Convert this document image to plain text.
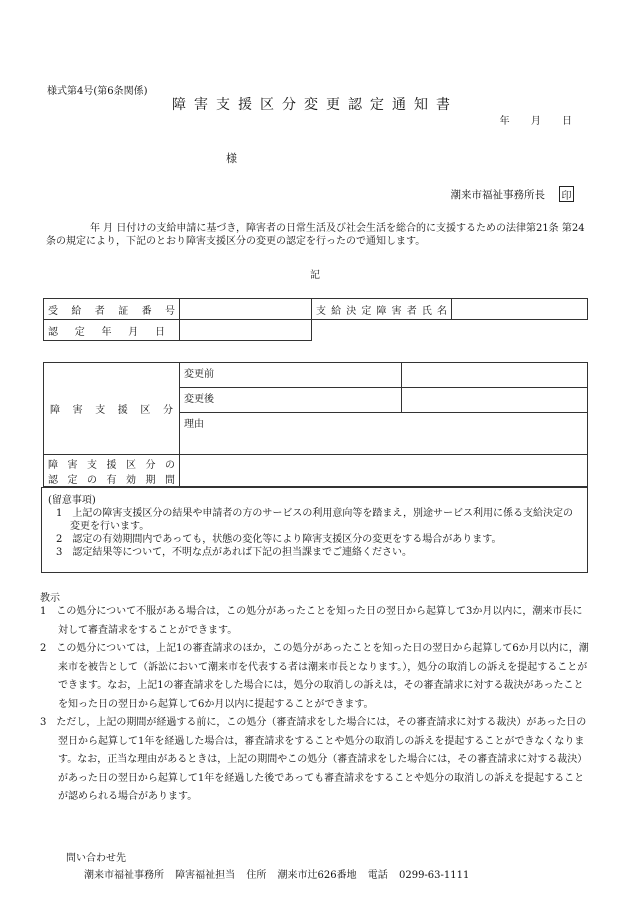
様式第4号(第6条関係)
障害支援区分変更認定通知書
年 月 日
様
潮来市福祉事務所長 印
年 月 日付けの支給申請に基づき，障害者の日常生活及び社会生活を総合的に支援するための法律第21条 第24条の規定により，下記のとおり障害支援区分の変更の認定を行ったので通知します。
記
受給者証番号		支給決定障害者氏名	

認定年月日			

障害支援区分	変更前	
	変更後	
	理由	

障害支援区分の
認定の有効期間		

(留意事項)
1　上記の障害支援区分の結果や申請者の方のサービスの利用意向等を踏まえ，別途サービス利用に係る支給決定の変更を行います。
2　認定の有効期間内であっても，状態の変化等により障害支援区分の変更をする場合があります。
3　認定結果等について，不明な点があれば下記の担当課までご連絡ください。
教示
1　この処分について不服がある場合は，この処分があったことを知った日の翌日から起算して3か月以内に，潮来市長に対して審査請求をすることができます。
2　この処分については，上記1の審査請求のほか，この処分があったことを知った日の翌日から起算して6か月以内に，潮来市を被告として（訴訟において潮来市を代表する者は潮来市長となります。），処分の取消しの訴えを提起することができます。なお，上記1の審査請求をした場合には，処分の取消しの訴えは，その審査請求に対する裁決があったことを知った日の翌日から起算して6か月以内に提起することができます。
3　ただし，上記の期間が経過する前に，この処分（審査請求をした場合には，その審査請求に対する裁決）があった日の翌日から起算して1年を経過した場合は，審査請求をすることや処分の取消しの訴えを提起することができなくなります。なお，正当な理由があるときは，上記の期間やこの処分（審査請求をした場合には，その審査請求に対する裁決）があった日の翌日から起算して1年を経過した後であっても審査請求をすることや処分の取消しの訴えを提起することが認められる場合があります。
問い合わせ先
潮来市福祉事務所 障害福祉担当 住所 潮来市辻626番地 電話 0299-63-1111
